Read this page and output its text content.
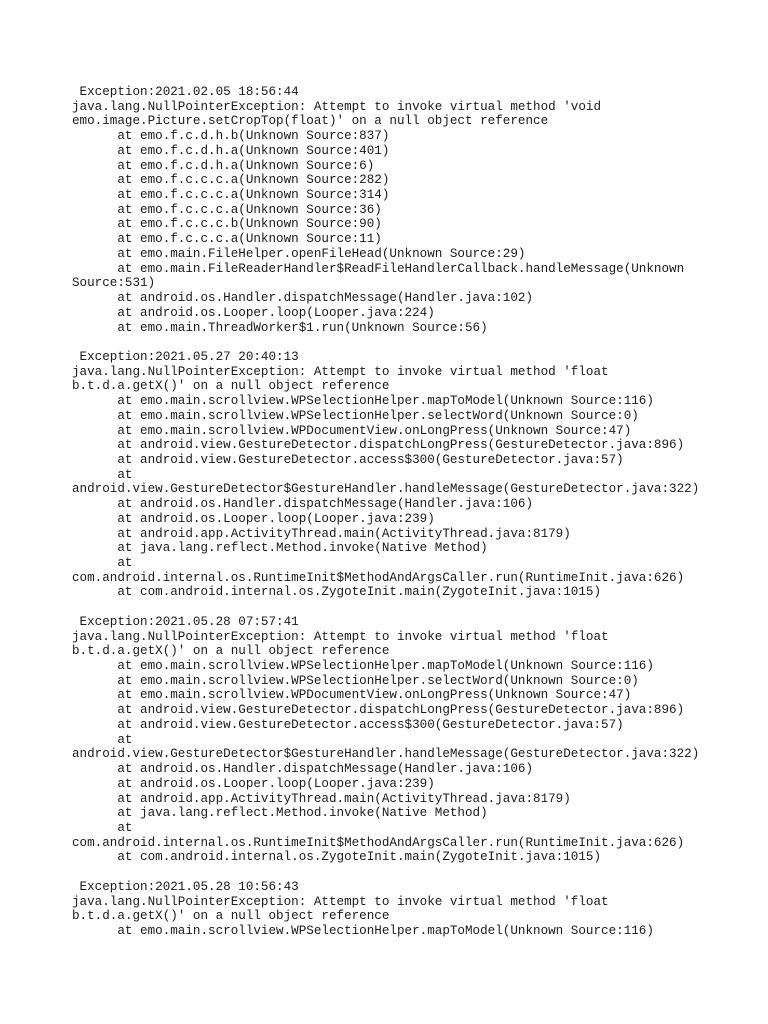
Exception:2021.02.05 18:56:44
java.lang.NullPointerException: Attempt to invoke virtual method 'void
emo.image.Picture.setCropTop(float)' on a null object reference
at emo.f.c.d.h.b(Unknown Source:837)
at emo.f.c.d.h.a(Unknown Source:401)
at emo.f.c.d.h.a(Unknown Source:6)
at emo.f.c.c.c.a(Unknown Source:282)
at emo.f.c.c.c.a(Unknown Source:314)
at emo.f.c.c.c.a(Unknown Source:36)
at emo.f.c.c.c.b(Unknown Source:90)
at emo.f.c.c.c.a(Unknown Source:11)
at emo.main.FileHelper.openFileHead(Unknown Source:29)
at emo.main.FileReaderHandler$ReadFileHandlerCallback.handleMessage(Unknown
Source:531)
at android.os.Handler.dispatchMessage(Handler.java:102)
at android.os.Looper.loop(Looper.java:224)
at emo.main.ThreadWorker$1.run(Unknown Source:56)
Exception:2021.05.27 20:40:13
java.lang.NullPointerException: Attempt to invoke virtual method 'float
b.t.d.a.getX()' on a null object reference
at emo.main.scrollview.WPSelectionHelper.mapToModel(Unknown Source:116)
at emo.main.scrollview.WPSelectionHelper.selectWord(Unknown Source:0)
at emo.main.scrollview.WPDocumentView.onLongPress(Unknown Source:47)
at android.view.GestureDetector.dispatchLongPress(GestureDetector.java:896)
at android.view.GestureDetector.access$300(GestureDetector.java:57)
at
android.view.GestureDetector$GestureHandler.handleMessage(GestureDetector.java:322)
at android.os.Handler.dispatchMessage(Handler.java:106)
at android.os.Looper.loop(Looper.java:239)
at android.app.ActivityThread.main(ActivityThread.java:8179)
at java.lang.reflect.Method.invoke(Native Method)
at
com.android.internal.os.RuntimeInit$MethodAndArgsCaller.run(RuntimeInit.java:626)
at com.android.internal.os.ZygoteInit.main(ZygoteInit.java:1015)
Exception:2021.05.28 07:57:41
java.lang.NullPointerException: Attempt to invoke virtual method 'float
b.t.d.a.getX()' on a null object reference
at emo.main.scrollview.WPSelectionHelper.mapToModel(Unknown Source:116)
at emo.main.scrollview.WPSelectionHelper.selectWord(Unknown Source:0)
at emo.main.scrollview.WPDocumentView.onLongPress(Unknown Source:47)
at android.view.GestureDetector.dispatchLongPress(GestureDetector.java:896)
at android.view.GestureDetector.access$300(GestureDetector.java:57)
at
android.view.GestureDetector$GestureHandler.handleMessage(GestureDetector.java:322)
at android.os.Handler.dispatchMessage(Handler.java:106)
at android.os.Looper.loop(Looper.java:239)
at android.app.ActivityThread.main(ActivityThread.java:8179)
at java.lang.reflect.Method.invoke(Native Method)
at
com.android.internal.os.RuntimeInit$MethodAndArgsCaller.run(RuntimeInit.java:626)
at com.android.internal.os.ZygoteInit.main(ZygoteInit.java:1015)
Exception:2021.05.28 10:56:43
java.lang.NullPointerException: Attempt to invoke virtual method 'float
b.t.d.a.getX()' on a null object reference
at emo.main.scrollview.WPSelectionHelper.mapToModel(Unknown Source:116)
